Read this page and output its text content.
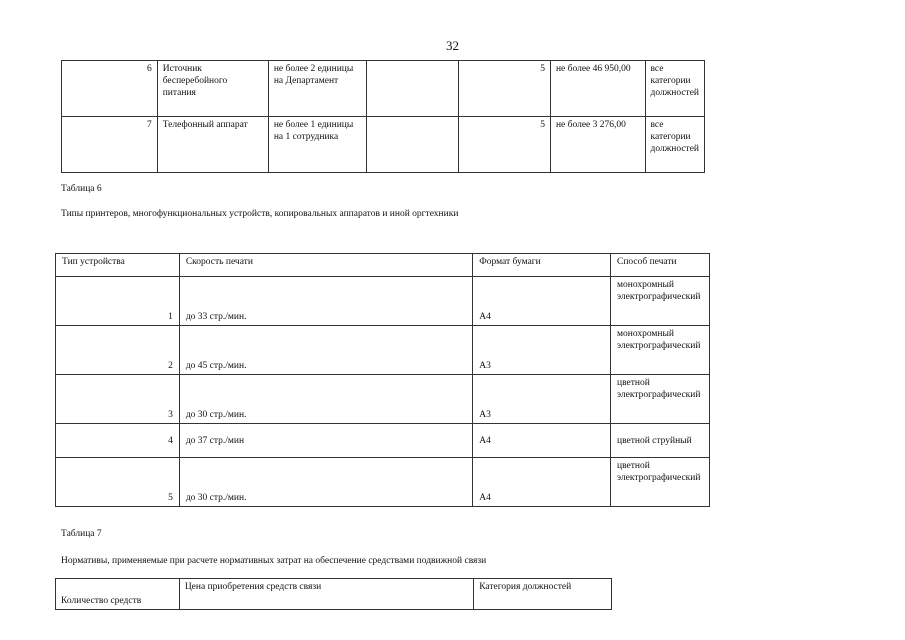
32
6	Источник бесперебойного питания	не более 2 единицы на Департамент		5	не более 46 950,00	все категории должностей
7	Телефонный аппарат	не более 1 единицы на 1 сотрудника		5	не более 3 276,00	все категории должностей
Таблица 6
Типы принтеров, многофункциональных устройств, копировальных аппаратов и иной оргтехники
Тип устройства	Скорость печати	Формат бумаги	Способ печати
1	до 33 стр./мин.	А4	монохромный электрографический
2	до 45 стр./мин.	А3	монохромный электрографический
3	до 30 стр./мин.	А3	цветной электрографический
4	до 37 стр./мин	А4	цветной струйный
5	до 30 стр./мин.	А4	цветной электрографический
Таблица 7
Нормативы, применяемые при расчете нормативных затрат на обеспечение средствами подвижной связи
Количество средств	Цена приобретения средств связи	Категория должностей
